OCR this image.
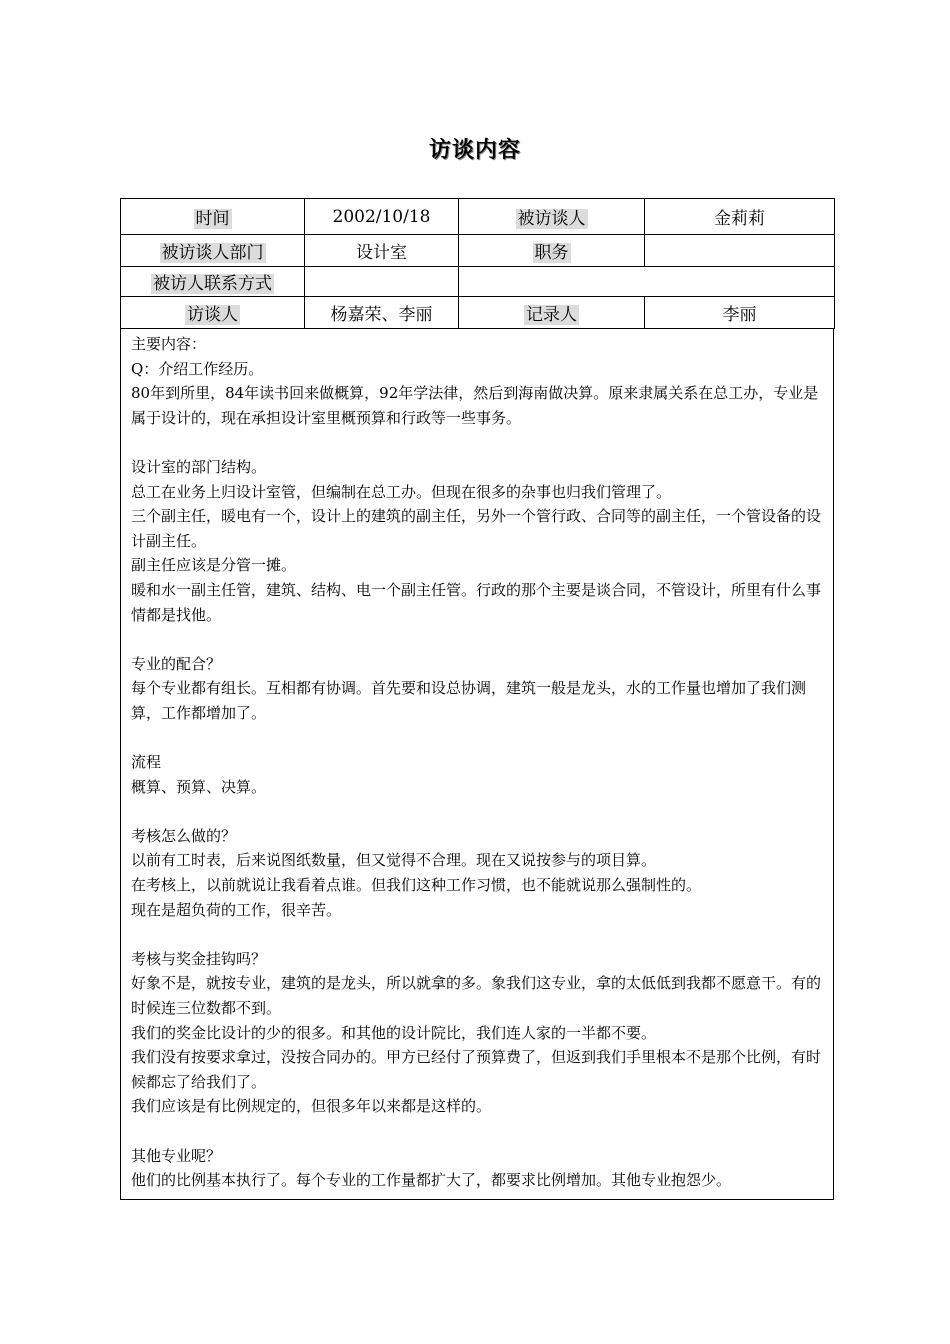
访谈内容
时间	2002/10/18	被访谈人	金莉莉
被访谈人部门	设计室	职务	
被访人联系方式			
访谈人	杨嘉荣、李丽	记录人	李丽

主要内容：

Q：介绍工作经历。

80年到所里，84年读书回来做概算，92年学法律，然后到海南做决算。原来隶属关系在总工办，专业是属于设计的，现在承担设计室里概预算和行政等一些事务。

设计室的部门结构。

总工在业务上归设计室管，但编制在总工办。但现在很多的杂事也归我们管理了。

三个副主任，暖电有一个，设计上的建筑的副主任，另外一个管行政、合同等的副主任，一个管设备的设计副主任。

副主任应该是分管一摊。

暖和水一副主任管，建筑、结构、电一个副主任管。行政的那个主要是谈合同，不管设计，所里有什么事情都是找他。

专业的配合？

每个专业都有组长。互相都有协调。首先要和设总协调，建筑一般是龙头，水的工作量也增加了我们测算，工作都增加了。

流程

概算、预算、决算。

考核怎么做的？

以前有工时表，后来说图纸数量，但又觉得不合理。现在又说按参与的项目算。

在考核上，以前就说让我看着点谁。但我们这种工作习惯，也不能就说那么强制性的。

现在是超负荷的工作，很辛苦。

考核与奖金挂钩吗？

好象不是，就按专业，建筑的是龙头，所以就拿的多。象我们这专业，拿的太低低到我都不愿意干。有的时候连三位数都不到。

我们的奖金比设计的少的很多。和其他的设计院比，我们连人家的一半都不要。

我们没有按要求拿过，没按合同办的。甲方已经付了预算费了，但返到我们手里根本不是那个比例，有时候都忘了给我们了。

我们应该是有比例规定的，但很多年以来都是这样的。

其他专业呢？

他们的比例基本执行了。每个专业的工作量都扩大了，都要求比例增加。其他专业抱怨少。
